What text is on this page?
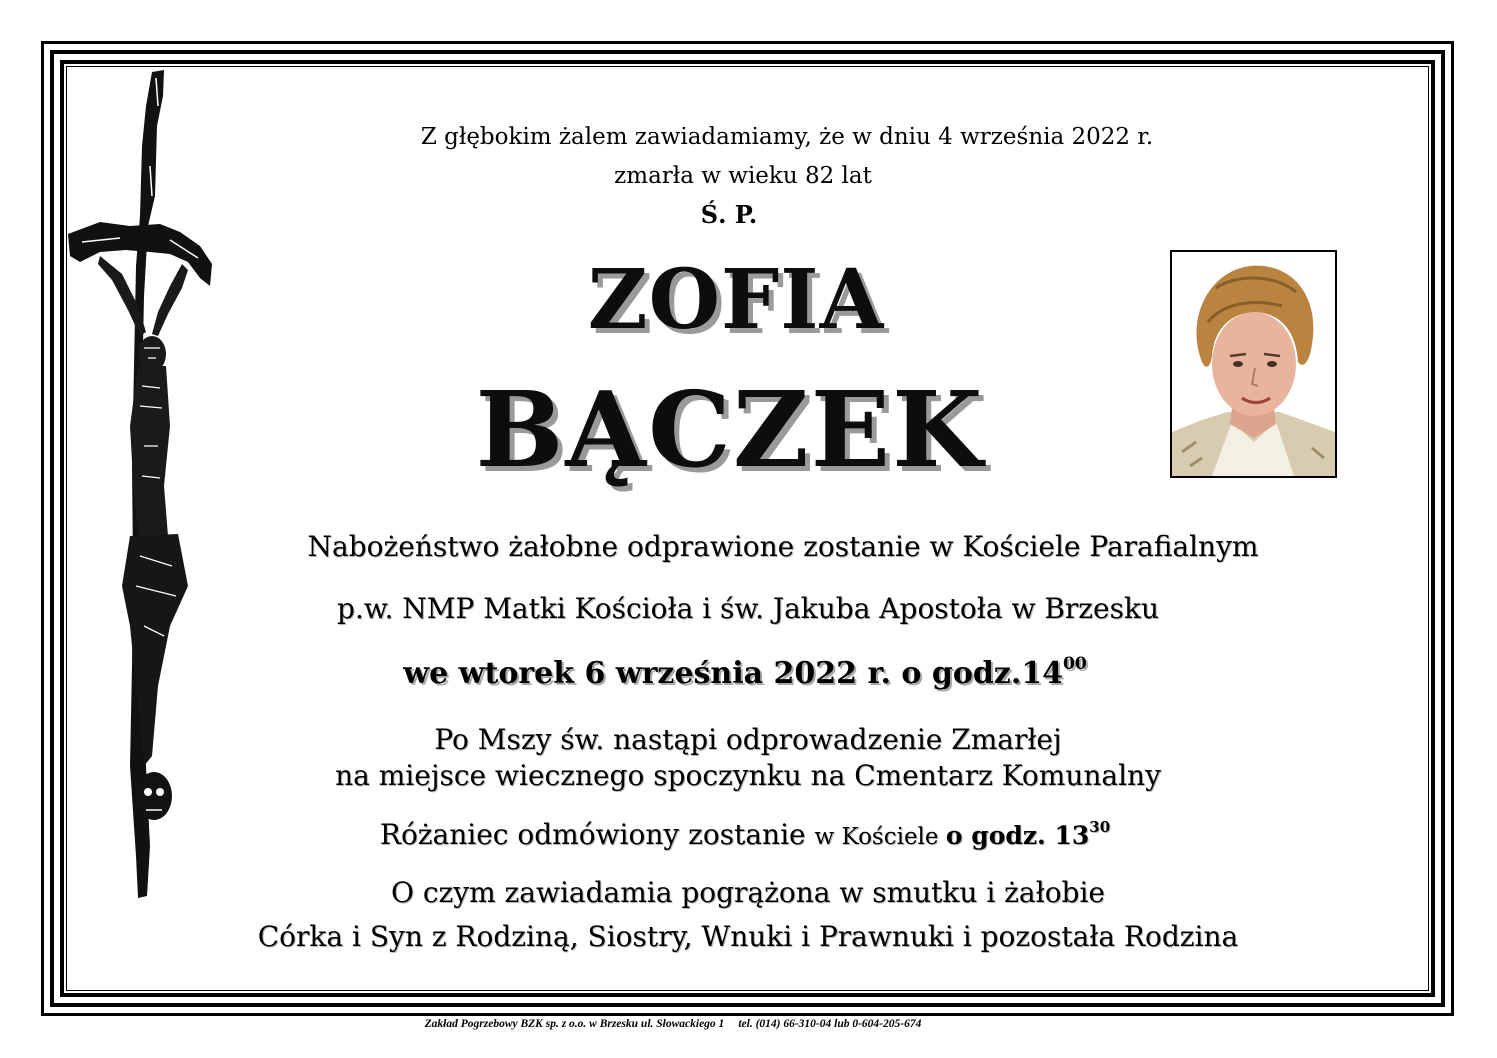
Z głębokim żalem zawiadamiamy, że w dniu 4 września 2022 r.
zmarła w wieku 82 lat
Ś. P.
ZOFIA
BĄCZEK
Nabożeństwo żałobne odprawione zostanie w Kościele Parafialnym
p.w. NMP Matki Kościoła i św. Jakuba Apostoła w Brzesku
we wtorek 6 września 2022 r. o $godz.14^{00}$
Po Mszy św. nastąpi odprowadzenie Zmarłej
na miejsce wiecznego spoczynku na Cmentarz Komunalny
Różaniec odmówiony zostanie w Kościele o godz. $13^{30}$
O czym zawiadamia pogrążona w smutku i żałobie
Córka i Syn z Rodziną, Siostry, Wnuki i Prawnuki i pozostała Rodzina
Zakład Pogrzebowy BZK sp. z o.o. w Brzesku ul. Słowackiego 1 tel. (014) 66-310-04 lub 0-604-205-674
